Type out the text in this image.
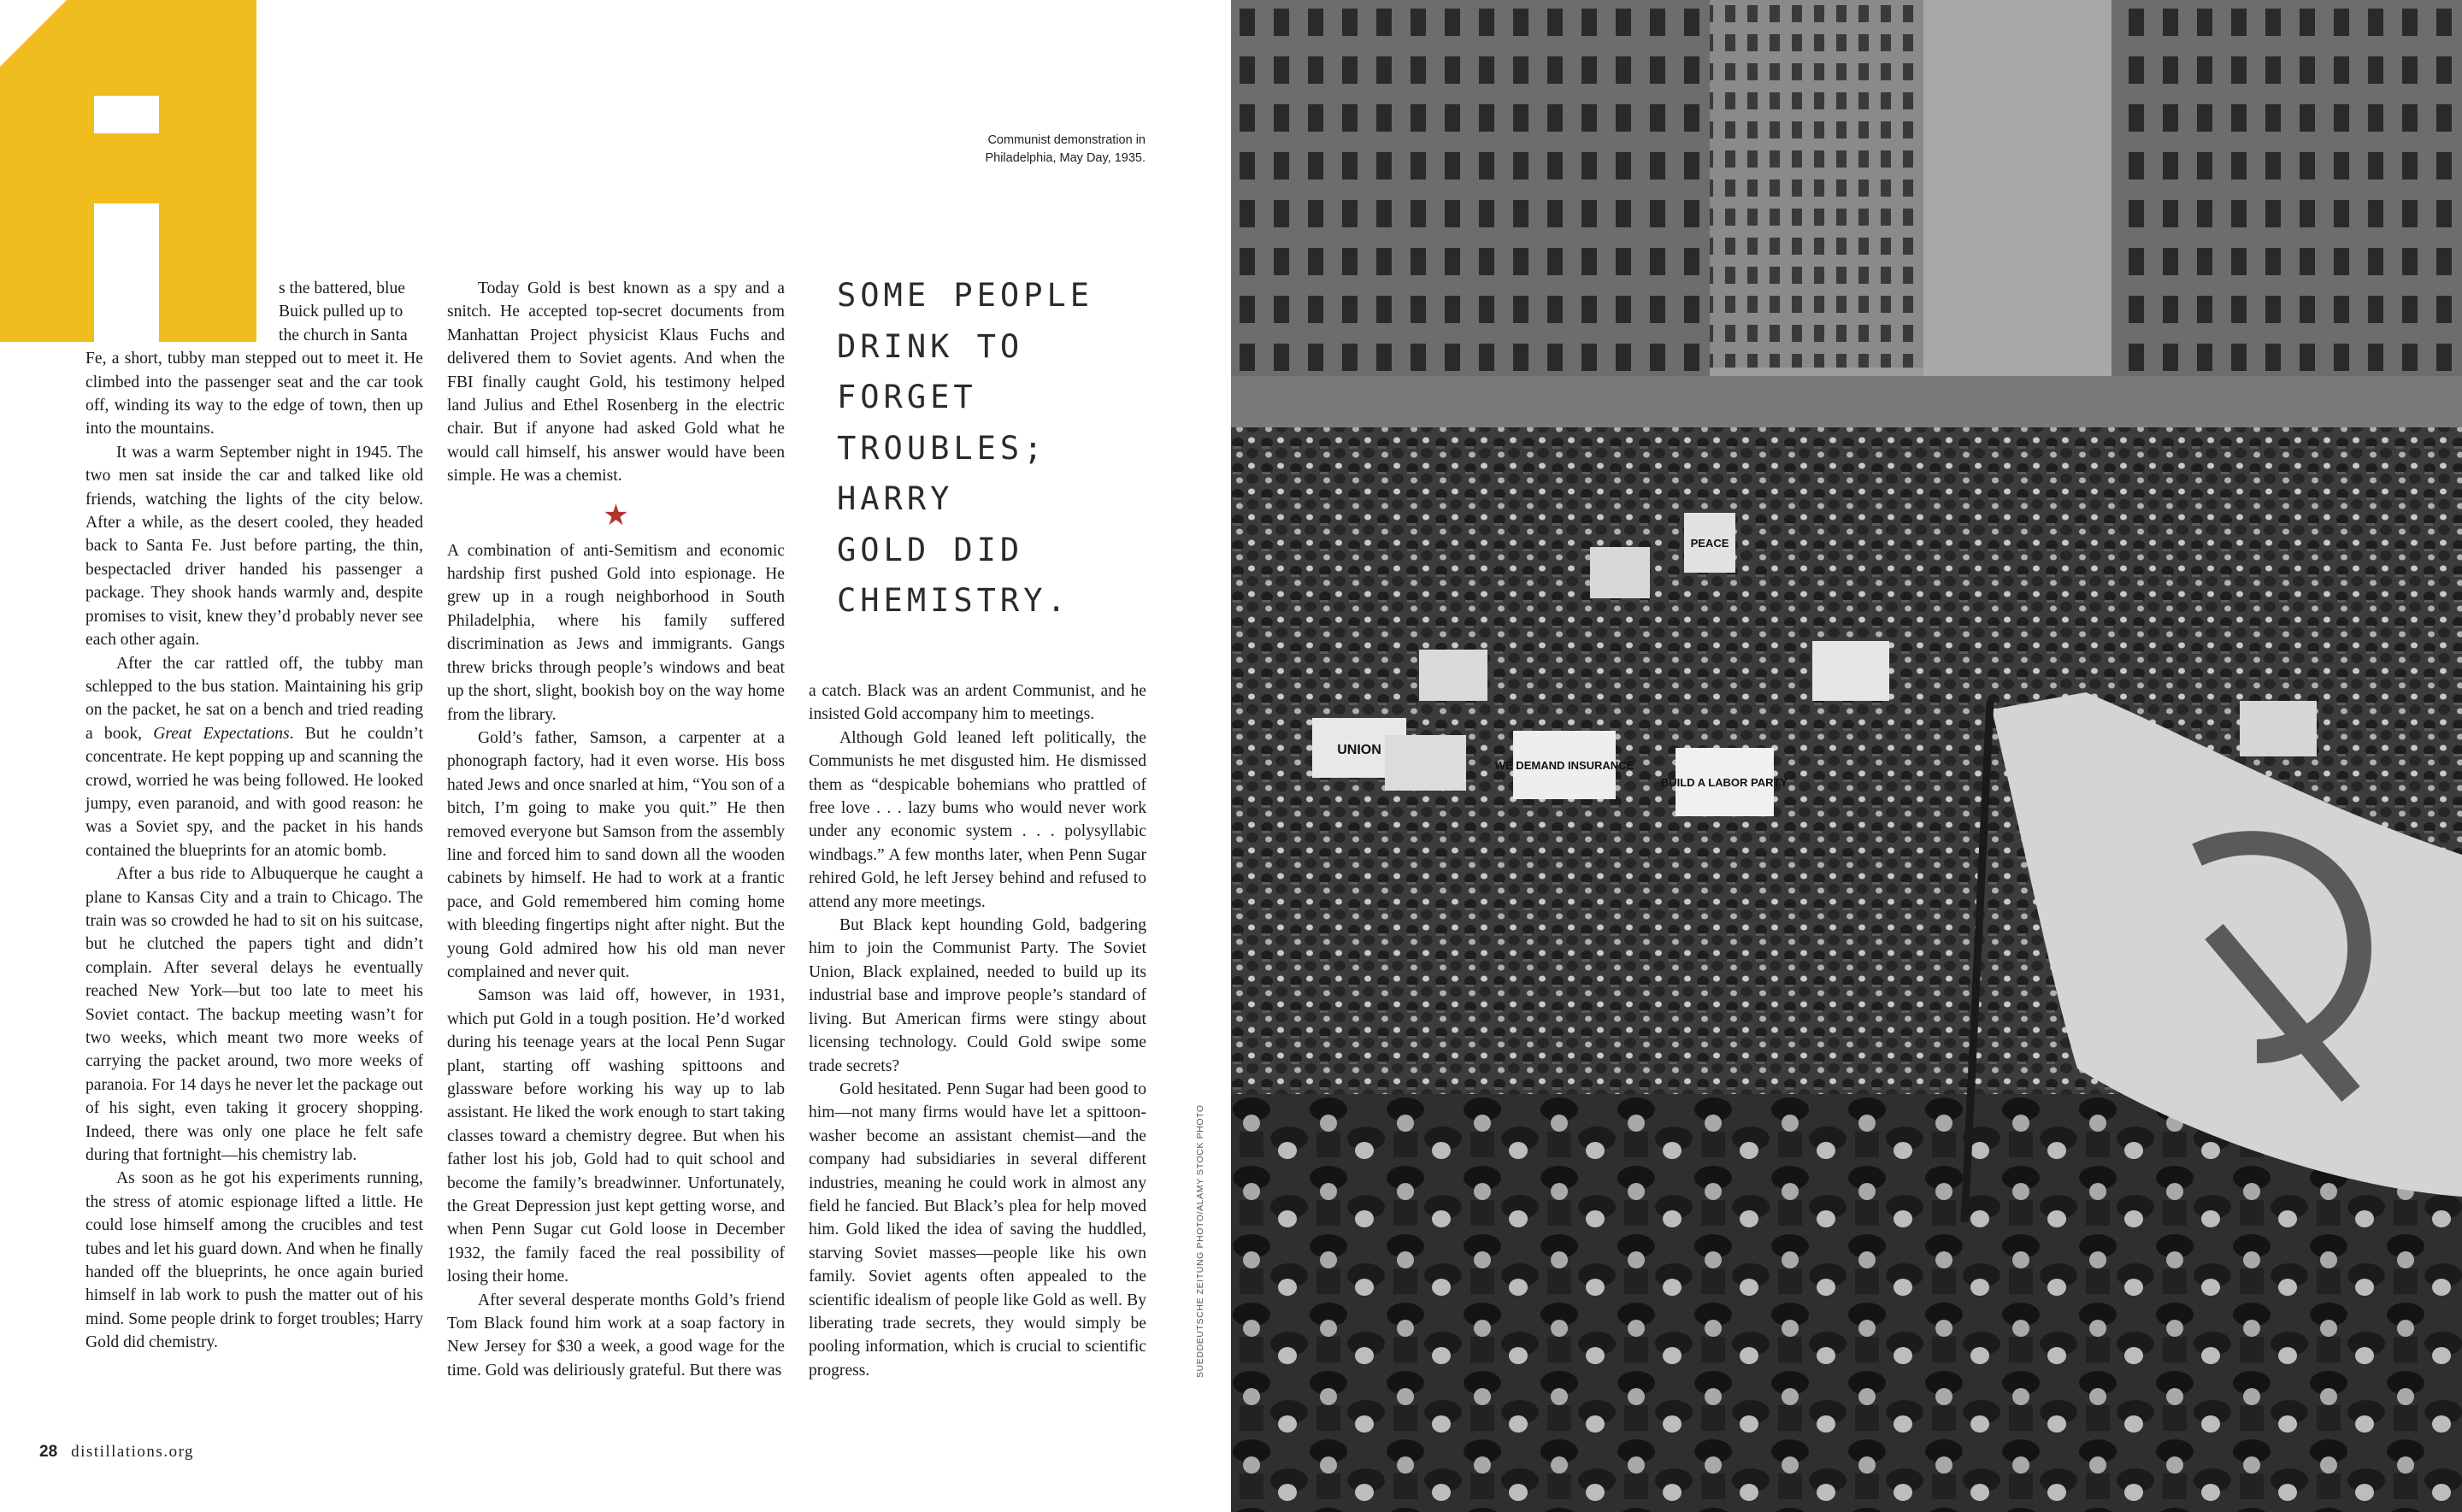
s the battered, blue
Buick pulled up to
the church in Santa
Fe, a short, tubby man stepped out to meet it. He climbed into the passenger seat and the car took off, winding its way to the edge of town, then up into the mountains.

It was a warm September night in 1945. The two men sat inside the car and talked like old friends, watching the lights of the city below. After a while, as the desert cooled, they headed back to Santa Fe. Just before parting, the thin, bespectacled driver handed his passenger a package. They shook hands warmly and, despite promises to visit, knew they’d probably never see each other again.

After the car rattled off, the tubby man schlepped to the bus station. Maintaining his grip on the packet, he sat on a bench and tried reading a book, Great Expectations. But he couldn’t concentrate. He kept popping up and scanning the crowd, worried he was being followed. He looked jumpy, even paranoid, and with good reason: he was a Soviet spy, and the packet in his hands contained the blueprints for an atomic bomb.

After a bus ride to Albuquerque he caught a plane to Kansas City and a train to Chicago. The train was so crowded he had to sit on his suitcase, but he clutched the papers tight and didn’t complain. After several delays he eventually reached New York—but too late to meet his Soviet contact. The backup meeting wasn’t for two weeks, which meant two more weeks of carrying the packet around, two more weeks of paranoia. For 14 days he never let the package out of his sight, even taking it grocery shopping. Indeed, there was only one place he felt safe during that fortnight—his chemistry lab.

As soon as he got his experiments running, the stress of atomic espionage lifted a little. He could lose himself among the crucibles and test tubes and let his guard down. And when he finally handed off the blueprints, he once again buried himself in lab work to push the matter out of his mind. Some people drink to forget troubles; Harry Gold did chemistry.

Today Gold is best known as a spy and a snitch. He accepted top-secret documents from Manhattan Project physicist Klaus Fuchs and delivered them to Soviet agents. And when the FBI finally caught Gold, his testimony helped land Julius and Ethel Rosenberg in the electric chair. But if anyone had asked Gold what he would call himself, his answer would have been simple. He was a chemist.

★

A combination of anti-Semitism and economic hardship first pushed Gold into espionage. He grew up in a rough neighborhood in South Philadelphia, where his family suffered discrimination as Jews and immigrants. Gangs threw bricks through people’s windows and beat up the short, slight, bookish boy on the way home from the library.

Gold’s father, Samson, a carpenter at a phonograph factory, had it even worse. His boss hated Jews and once snarled at him, “You son of a bitch, I’m going to make you quit.” He then removed everyone but Samson from the assembly line and forced him to sand down all the wooden cabinets by himself. He had to work at a frantic pace, and Gold remembered him coming home with bleeding fingertips night after night. But the young Gold admired how his old man never complained and never quit.

Samson was laid off, however, in 1931, which put Gold in a tough position. He’d worked during his teenage years at the local Penn Sugar plant, starting off washing spittoons and glassware before working his way up to lab assistant. He liked the work enough to start taking classes toward a chemistry degree. But when his father lost his job, Gold had to quit school and become the family’s breadwinner. Unfortunately, the Great Depression just kept getting worse, and when Penn Sugar cut Gold loose in December 1932, the family faced the real possibility of losing their home.

After several desperate months Gold’s friend Tom Black found him work at a soap factory in New Jersey for $30 a week, a good wage for the time. Gold was deliriously grateful. But there was

SOME PEOPLE
DRINK TO
FORGET
TROUBLES;
HARRY
GOLD DID
CHEMISTRY.

a catch. Black was an ardent Communist, and he insisted Gold accompany him to meetings.

Although Gold leaned left politically, the Communists he met disgusted him. He dismissed them as “despicable bohemians who prattled of free love . . . lazy bums who would never work under any economic system . . . polysyllabic windbags.” A few months later, when Penn Sugar rehired Gold, he left Jersey behind and refused to attend any more meetings.

But Black kept hounding Gold, badgering him to join the Communist Party. The Soviet Union, Black explained, needed to build up its industrial base and improve people’s standard of living. But American firms were stingy about licensing technology. Could Gold swipe some trade secrets?

Gold hesitated. Penn Sugar had been good to him—not many firms would have let a spittoon-washer become an assistant chemist—and the company had subsidiaries in several different industries, meaning he could work in almost any field he fancied. But Black’s plea for help moved him. Gold liked the idea of saving the huddled, starving Soviet masses—people like his own family. Soviet agents often appealed to the scientific idealism of people like Gold as well. By liberating trade secrets, they would simply be pooling information, which is crucial to scientific progress.

Communist demonstration in
Philadelphia, May Day, 1935.
SUEDDEUTSCHE ZEITUNG PHOTO/ALAMY STOCK PHOTO
28 distillations.org
UNION
WE DEMAND INSURANCE
BUILD A LABOR PARTY
PEACE
